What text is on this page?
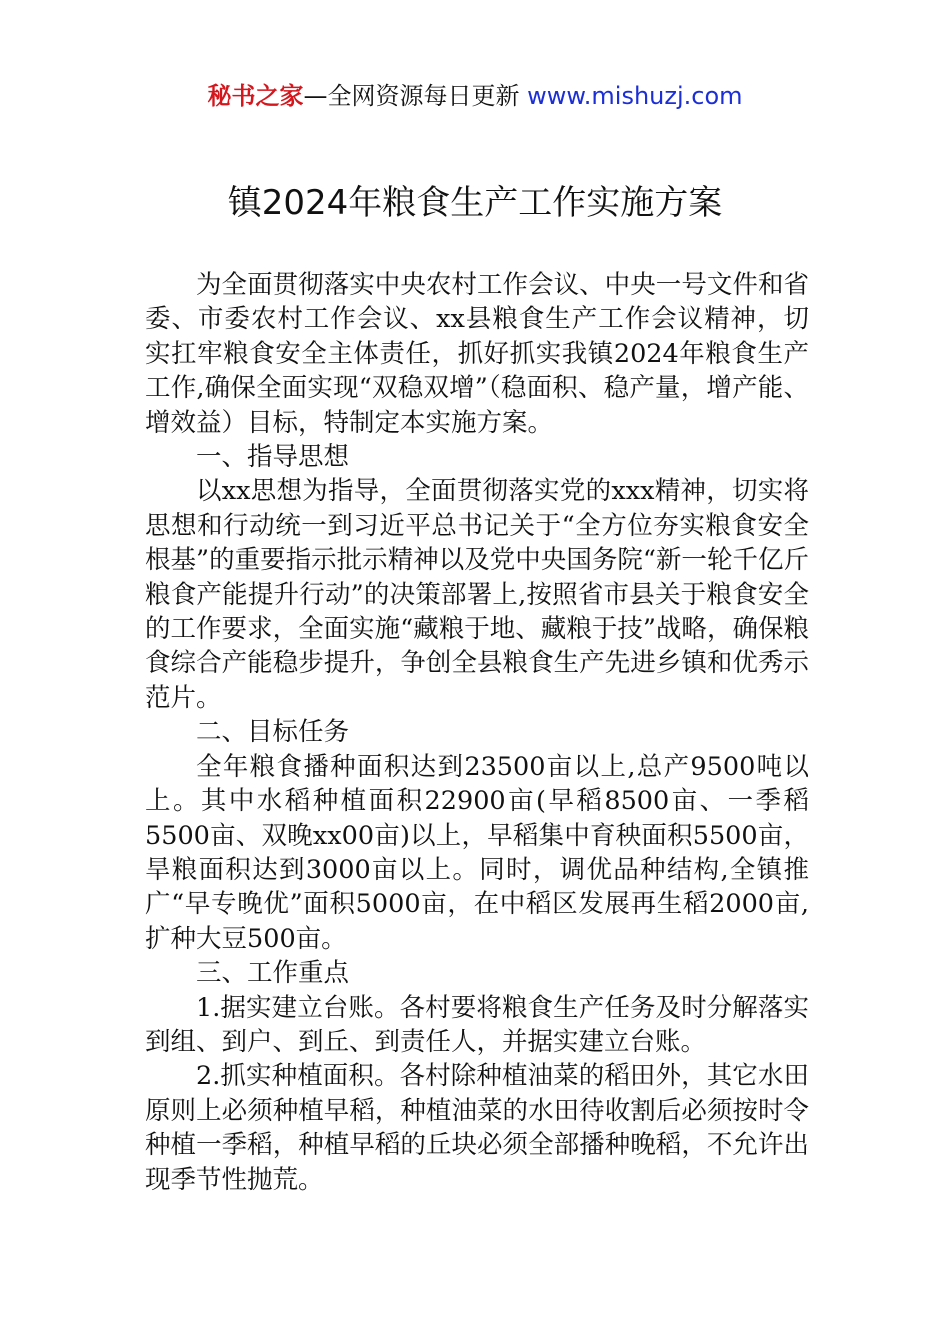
秘书之家—全网资源每日更新 www.mishuzj.com
镇2024年粮食生产工作实施方案

为全面贯彻落实中央农村工作会议、中央一号文件和省委、市委农村工作会议、xx县粮食生产工作会议精神，切实扛牢粮食安全主体责任，抓好抓实我镇2024年粮食生产工作,确保全面实现“双稳双增”（稳面积、稳产量，增产能、增效益）目标，特制定本实施方案。

一、指导思想

以xx思想为指导，全面贯彻落实党的xxx精神，切实将思想和行动统一到习近平总书记关于“全方位夯实粮食安全根基”的重要指示批示精神以及党中央国务院“新一轮千亿斤粮食产能提升行动”的决策部署上,按照省市县关于粮食安全的工作要求，全面实施“藏粮于地、藏粮于技”战略，确保粮食综合产能稳步提升，争创全县粮食生产先进乡镇和优秀示范片。

二、目标任务

全年粮食播种面积达到23500亩以上,总产9500吨以上。其中水稻种植面积22900亩(早稻8500亩、一季稻5500亩、双晚xx00亩)以上，早稻集中育秧面积5500亩，旱粮面积达到3000亩以上。同时，调优品种结构,全镇推广“早专晚优”面积5000亩，在中稻区发展再生稻2000亩,扩种大豆500亩。

三、工作重点

1.据实建立台账。各村要将粮食生产任务及时分解落实到组、到户、到丘、到责任人，并据实建立台账。

2.抓实种植面积。各村除种植油菜的稻田外，其它水田原则上必须种植早稻，种植油菜的水田待收割后必须按时令种植一季稻，种植早稻的丘块必须全部播种晚稻，不允许出现季节性抛荒。
